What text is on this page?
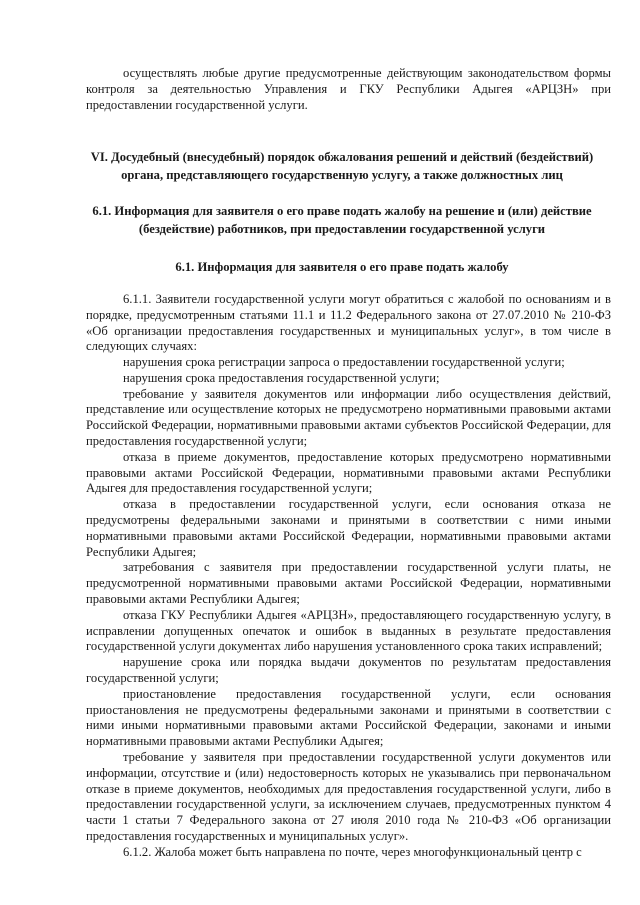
осуществлять любые другие предусмотренные действующим законодательством формы контроля за деятельностью Управления и ГКУ Республики Адыгея «АРЦЗН» при предоставлении государственной услуги.

VI. Досудебный (внесудебный) порядок обжалования решений и действий (бездействий) органа, представляющего государственную услугу, а также должностных лиц

6.1. Информация для заявителя о его праве подать жалобу на решение и (или) действие (бездействие) работников, при предоставлении государственной услуги

6.1. Информация для заявителя о его праве подать жалобу

6.1.1. Заявители государственной услуги могут обратиться с жалобой по основаниям и в порядке, предусмотренным статьями 11.1 и 11.2 Федерального закона от 27.07.2010 № 210-ФЗ «Об организации предоставления государственных и муниципальных услуг», в том числе в следующих случаях:

нарушения срока регистрации запроса о предоставлении государственной услуги;
нарушения срока предоставления государственной услуги;
требование у заявителя документов или информации либо осуществления действий, представление или осуществление которых не предусмотрено нормативными правовыми актами Российской Федерации, нормативными правовыми актами субъектов Российской Федерации, для предоставления государственной услуги;
отказа в приеме документов, предоставление которых предусмотрено нормативными правовыми актами Российской Федерации, нормативными правовыми актами Республики Адыгея для предоставления государственной услуги;
отказа в предоставлении государственной услуги, если основания отказа не предусмотрены федеральными законами и принятыми в соответствии с ними иными нормативными правовыми актами Российской Федерации, нормативными правовыми актами Республики Адыгея;
затребования с заявителя при предоставлении государственной услуги платы, не предусмотренной нормативными правовыми актами Российской Федерации, нормативными правовыми актами Республики Адыгея;
отказа ГКУ Республики Адыгея «АРЦЗН», предоставляющего государственную услугу, в исправлении допущенных опечаток и ошибок в выданных в результате предоставления государственной услуги документах либо нарушения установленного срока таких исправлений;
нарушение срока или порядка выдачи документов по результатам предоставления государственной услуги;
приостановление предоставления государственной услуги, если основания приостановления не предусмотрены федеральными законами и принятыми в соответствии с ними иными нормативными правовыми актами Российской Федерации, законами и иными нормативными правовыми актами Республики Адыгея;
требование у заявителя при предоставлении государственной услуги документов или информации, отсутствие и (или) недостоверность которых не указывались при первоначальном отказе в приеме документов, необходимых для предоставления государственной услуги, либо в предоставлении государственной услуги, за исключением случаев, предусмотренных пунктом 4 части 1 статьи 7 Федерального закона от 27 июля 2010 года № 210-ФЗ «Об организации предоставления государственных и муниципальных услуг».
6.1.2. Жалоба может быть направлена по почте, через многофункциональный центр с
